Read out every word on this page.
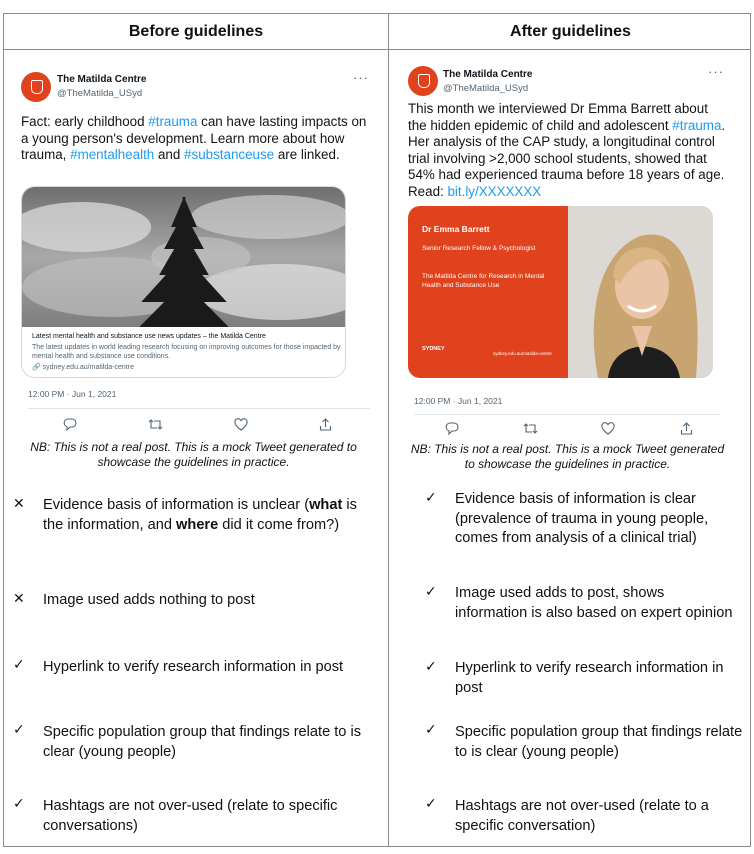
Before guidelines	After guidelines
The Matilda Centre
@TheMatilda_USyd
···
Fact: early childhood #trauma can have lasting impacts on a young person's development. Learn more about how trauma, #mentalhealth and #substanceuse are linked.
Latest mental health and substance use news updates – the Matilda Centre
The latest updates in world leading research focusing on improving outcomes for those impacted by mental health and substance use conditions.
🔗 sydney.edu.au/matilda-centre
12:00 PM · Jun 1, 2021
NB: This is not a real post. This is a mock Tweet generated to showcase the guidelines in practice.
The Matilda Centre
@TheMatilda_USyd
···
This month we interviewed Dr Emma Barrett about the hidden epidemic of child and adolescent #trauma. Her analysis of the CAP study, a longitudinal control trial involving >2,000 school students, showed that 54% had experienced trauma before 18 years of age. Read: bit.ly/XXXXXXX
Dr Emma Barrett
Senior Research Fellow & Psychologist
The Matilda Centre for Research in Mental Health and Substance Use
SYDNEY
sydney.edu.au/matilda-centre
12:00 PM · Jun 1, 2021
NB: This is not a real post. This is a mock Tweet generated to showcase the guidelines in practice.
✕ Evidence basis of information is unclear (what is the information, and where did it come from?)
✕ Image used adds nothing to post
✓ Hyperlink to verify research information in post
✓ Specific population group that findings relate to is clear (young people)
✓ Hashtags are not over-used (relate to specific conversations)
✓ Evidence basis of information is clear (prevalence of trauma in young people, comes from analysis of a clinical trial)
✓ Image used adds to post, shows information is also based on expert opinion
✓ Hyperlink to verify research information in post
✓ Specific population group that findings relate to is clear (young people)
✓ Hashtags are not over-used (relate to a specific conversation)
